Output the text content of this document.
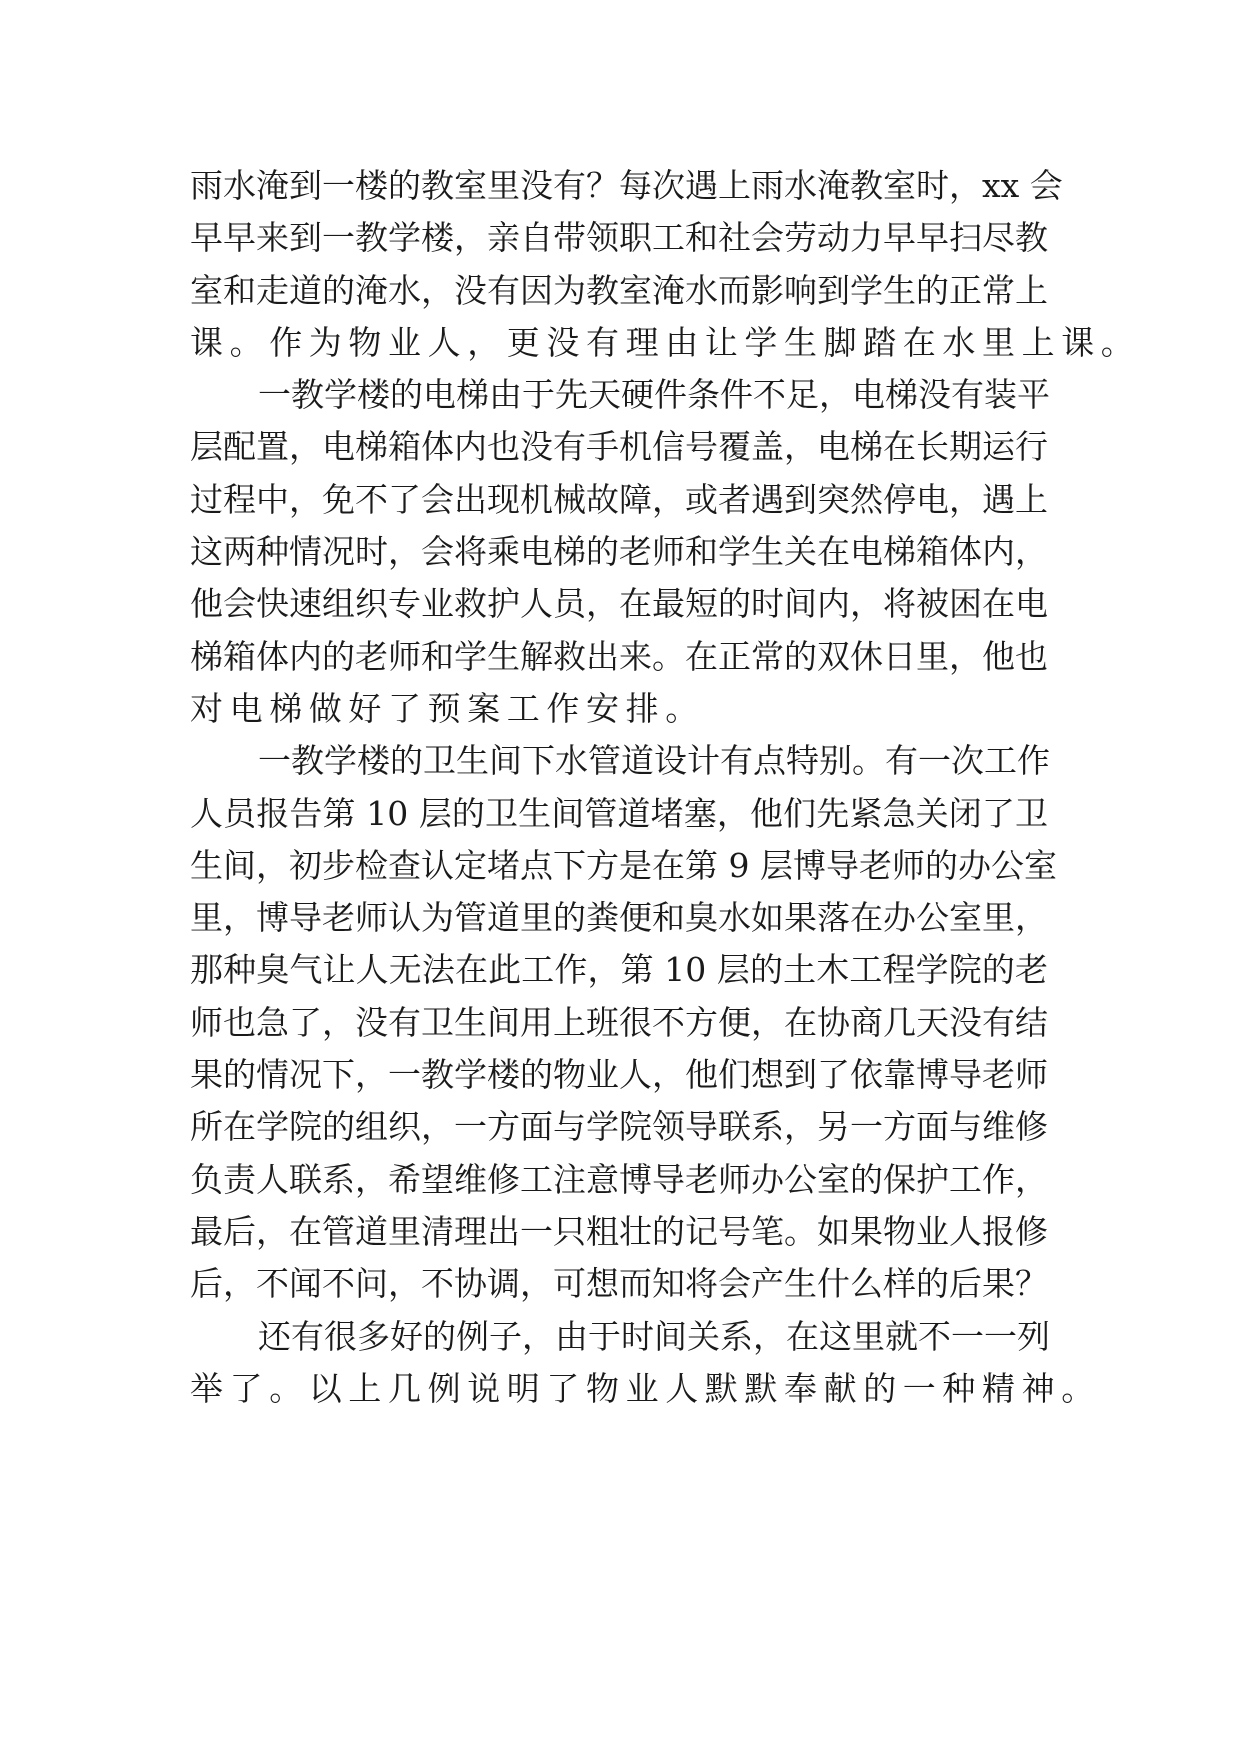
雨水淹到一楼的教室里没有？每次遇上雨水淹教室时，xx 会
早早来到一教学楼，亲自带领职工和社会劳动力早早扫尽教
室和走道的淹水，没有因为教室淹水而影响到学生的正常上
课。作为物业人，更没有理由让学生脚踏在水里上课。
一教学楼的电梯由于先天硬件条件不足，电梯没有装平
层配置，电梯箱体内也没有手机信号覆盖，电梯在长期运行
过程中，免不了会出现机械故障，或者遇到突然停电，遇上
这两种情况时，会将乘电梯的老师和学生关在电梯箱体内，
他会快速组织专业救护人员，在最短的时间内，将被困在电
梯箱体内的老师和学生解救出来。在正常的双休日里，他也
对电梯做好了预案工作安排。
一教学楼的卫生间下水管道设计有点特别。有一次工作
人员报告第 10 层的卫生间管道堵塞，他们先紧急关闭了卫
生间，初步检查认定堵点下方是在第 9 层博导老师的办公室
里，博导老师认为管道里的粪便和臭水如果落在办公室里，
那种臭气让人无法在此工作，第 10 层的土木工程学院的老
师也急了，没有卫生间用上班很不方便，在协商几天没有结
果的情况下，一教学楼的物业人，他们想到了依靠博导老师
所在学院的组织，一方面与学院领导联系，另一方面与维修
负责人联系，希望维修工注意博导老师办公室的保护工作，
最后，在管道里清理出一只粗壮的记号笔。如果物业人报修
后，不闻不问，不协调，可想而知将会产生什么样的后果？
还有很多好的例子，由于时间关系，在这里就不一一列
举了。以上几例说明了物业人默默奉献的一种精神。
